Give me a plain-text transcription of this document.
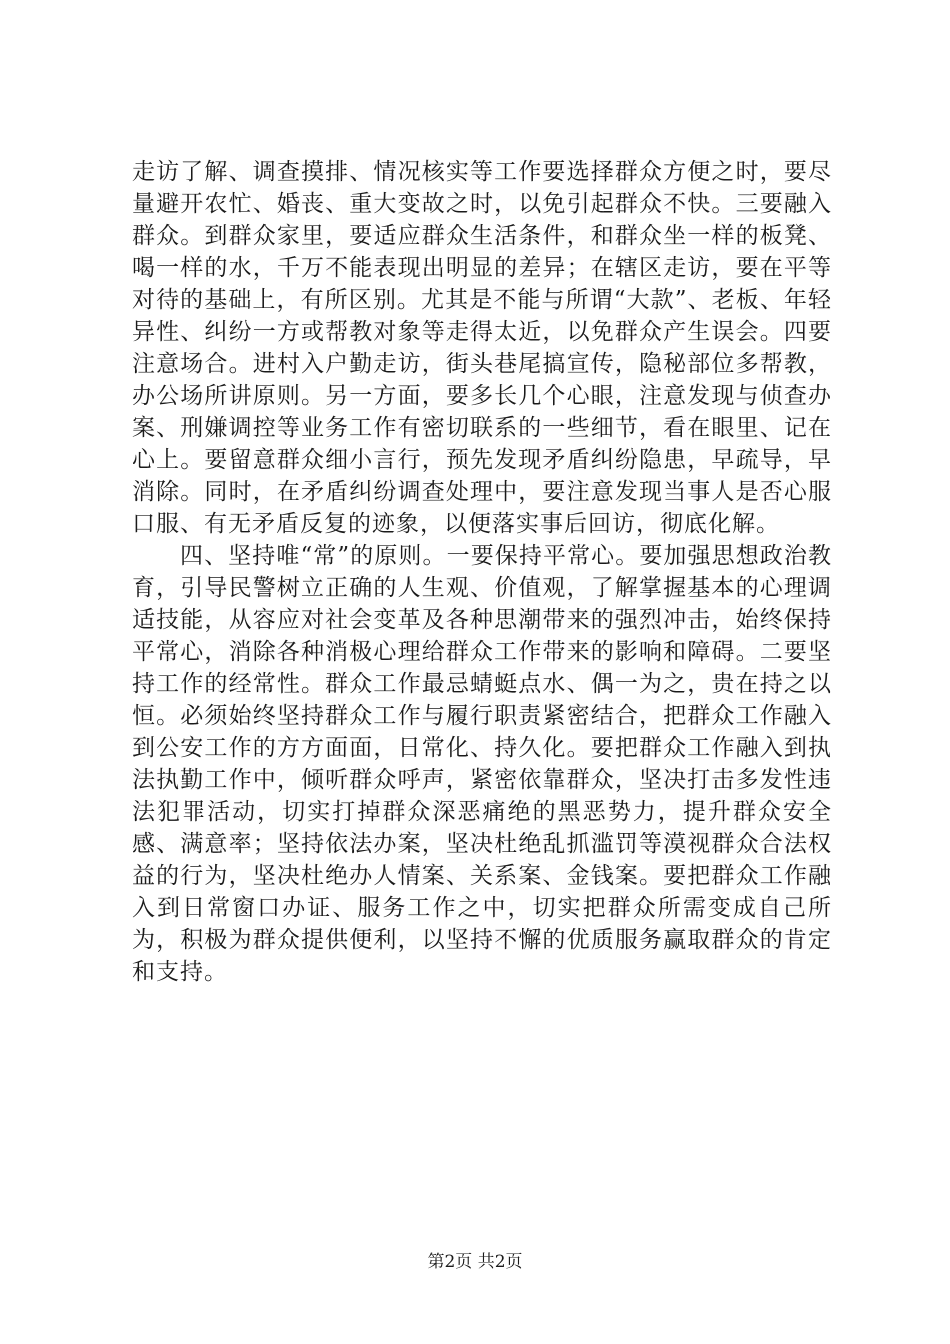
走访了解、调查摸排、情况核实等工作要选择群众方便之时，要尽量避开农忙、婚丧、重大变故之时，以免引起群众不快。三要融入群众。到群众家里，要适应群众生活条件，和群众坐一样的板凳、喝一样的水，千万不能表现出明显的差异；在辖区走访，要在平等对待的基础上，有所区别。尤其是不能与所谓“大款”、老板、年轻异性、纠纷一方或帮教对象等走得太近，以免群众产生误会。四要注意场合。进村入户勤走访，街头巷尾搞宣传，隐秘部位多帮教，办公场所讲原则。另一方面，要多长几个心眼，注意发现与侦查办案、刑嫌调控等业务工作有密切联系的一些细节，看在眼里、记在心上。要留意群众细小言行，预先发现矛盾纠纷隐患，早疏导，早消除。同时，在矛盾纠纷调查处理中，要注意发现当事人是否心服口服、有无矛盾反复的迹象，以便落实事后回访，彻底化解。

四、坚持唯“常”的原则。一要保持平常心。要加强思想政治教育，引导民警树立正确的人生观、价值观，了解掌握基本的心理调适技能，从容应对社会变革及各种思潮带来的强烈冲击，始终保持平常心，消除各种消极心理给群众工作带来的影响和障碍。二要坚持工作的经常性。群众工作最忌蜻蜓点水、偶一为之，贵在持之以恒。必须始终坚持群众工作与履行职责紧密结合，把群众工作融入到公安工作的方方面面，日常化、持久化。要把群众工作融入到执法执勤工作中，倾听群众呼声，紧密依靠群众，坚决打击多发性违法犯罪活动，切实打掉群众深恶痛绝的黑恶势力，提升群众安全感、满意率；坚持依法办案，坚决杜绝乱抓滥罚等漠视群众合法权益的行为，坚决杜绝办人情案、关系案、金钱案。要把群众工作融入到日常窗口办证、服务工作之中，切实把群众所需变成自己所为，积极为群众提供便利，以坚持不懈的优质服务赢取群众的肯定和支持。

第2页 共2页
